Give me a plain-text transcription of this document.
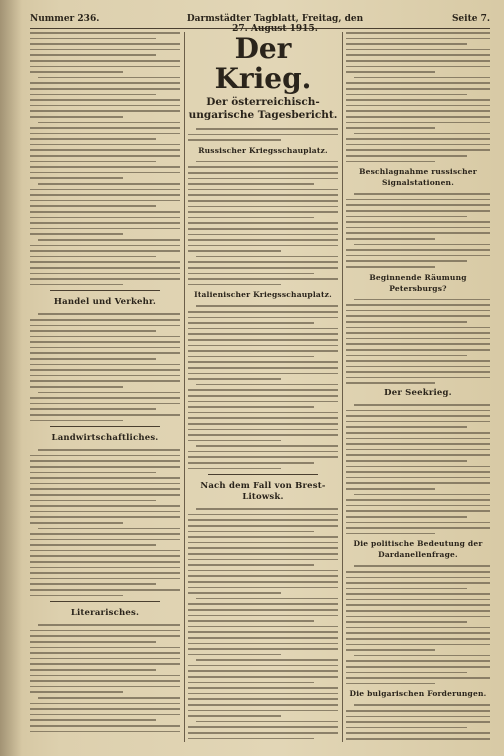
Nummer 236.	Darmstädter Tagblatt, Freitag, den 27. August 1915.
Seite 7.
Handel und Verkehr.
Landwirtschaftliches.
Literarisches.
Der Krieg.
Der österreichisch-ungarische Tagesbericht.
Russischer Kriegsschauplatz.
Italienischer Kriegsschauplatz.
Nach dem Fall von Brest-Litowsk.
Beschlagnahme russischer Signalstationen.
Beginnende Räumung Petersburgs?
Der Seekrieg.
Die politische Bedeutung der Dardanellenfrage.
Die bulgarischen Forderungen.
